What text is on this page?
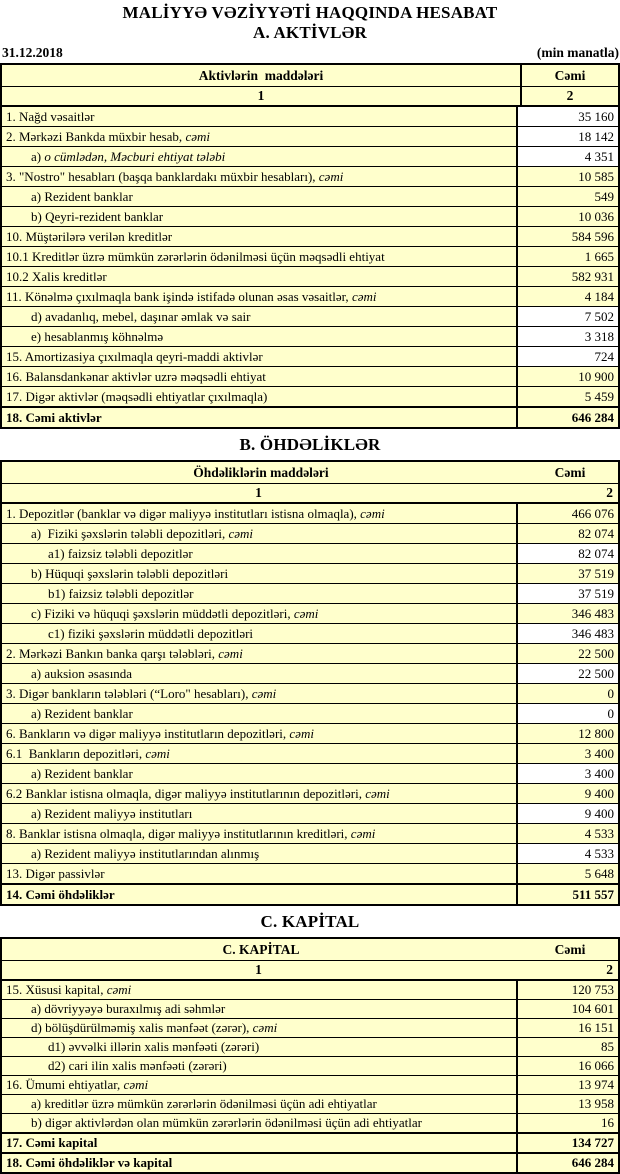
MALİYYƏ VƏZİYYƏTİ HAQQINDA HESABAT
A. AKTİVLƏR
31.12.2018	(min manatla)
Aktivlərin  maddələri	Cəmi
1	2
1. Nağd vəsaitlər	35 160
2. Mərkəzi Bankda müxbir hesab, cəmi	18 142
a) o cümlədən, Məcburi ehtiyat tələbi	4 351
3. "Nostro" hesabları (başqa banklardakı müxbir hesabları), cəmi	10 585
a) Rezident banklar	549
b) Qeyri-rezident banklar	10 036
10. Müştərilərə verilən kreditlər	584 596
10.1 Kreditlər üzrə mümkün zərərlərin ödənilməsi üçün məqsədli ehtiyat	1 665
10.2 Xalis kreditlər	582 931
11. Könəlmə çıxılmaqla bank işində istifadə olunan əsas vəsaitlər, cəmi	4 184
d) avadanlıq, mebel, daşınar əmlak və sair	7 502
e) hesablanmış köhnəlmə	3 318
15. Amortizasiya çıxılmaqla qeyri-maddi aktivlər	724
16. Balansdankənar aktivlər uzrə məqsədli ehtiyat	10 900
17. Digər aktivlər (məqsədli ehtiyatlar çıxılmaqla)	5 459
18. Cəmi aktivlər	646 284
B. ÖHDƏLİKLƏR
Öhdəliklərin maddələri	Cəmi
1	2
1. Depozitlər (banklar və digər maliyyə institutları istisna olmaqla), cəmi	466 076
a)  Fiziki şəxslərin tələbli depozitləri, cəmi	82 074
a1) faizsiz tələbli depozitlər	82 074
b) Hüquqi şəxslərin tələbli depozitləri	37 519
b1) faizsiz tələbli depozitlər	37 519
c) Fiziki və hüquqi şəxslərin müddətli depozitləri, cəmi	346 483
c1) fiziki şəxslərin müddətli depozitləri	346 483
2. Mərkəzi Bankın banka qarşı tələbləri, cəmi	22 500
a) auksion əsasında	22 500
3. Digər bankların tələbləri (“Loro" hesabları), cəmi	0
a) Rezident banklar	0
6. Bankların və digər maliyyə institutların depozitləri, cəmi	12 800
6.1  Bankların depozitləri, cəmi	3 400
a) Rezident banklar	3 400
6.2 Banklar istisna olmaqla, digər maliyyə institutlarının depozitləri, cəmi	9 400
a) Rezident maliyyə institutları	9 400
8. Banklar istisna olmaqla, digər maliyyə institutlarının kreditləri, cəmi	4 533
a) Rezident maliyyə institutlarından alınmış	4 533
13. Digər passivlər	5 648
14. Cəmi öhdəliklər	511 557
C. KAPİTAL
C. KAPİTAL	Cəmi
1	2
15. Xüsusi kapital, cəmi	120 753
a) dövriyyəyə buraxılmış adi səhmlər	104 601
d) bölüşdürülməmiş xalis mənfəət (zərər), cəmi	16 151
d1) əvvəlki illərin xalis mənfəəti (zərəri)	85
d2) cari ilin xalis mənfəəti (zərəri)	16 066
16. Ümumi ehtiyatlar, cəmi	13 974
a) kreditlər üzrə mümkün zərərlərin ödənilməsi üçün adi ehtiyatlar	13 958
b) digər aktivlərdən olan mümkün zərərlərin ödənilməsi üçün adi ehtiyatlar	16
17. Cəmi kapital	134 727
18. Cəmi öhdəliklər və kapital	646 284
